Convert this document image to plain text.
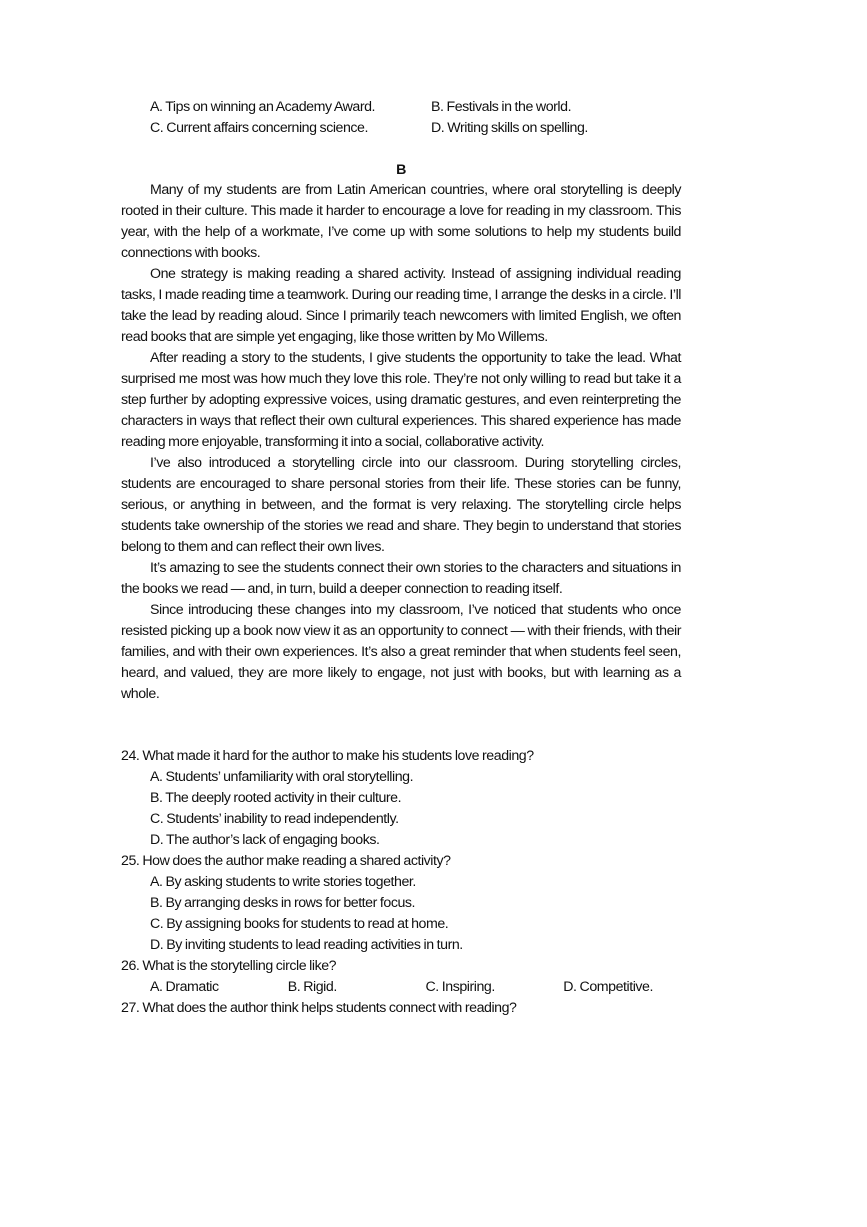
A. Tips on winning an Academy Award.	B. Festivals in the world.
C. Current affairs concerning science.	D. Writing skills on spelling.
B

Many of my students are from Latin American countries, where oral storytelling is deeply rooted in their culture. This made it harder to encourage a love for reading in my classroom. This year, with the help of a workmate, I’ve come up with some solutions to help my students build connections with books.

One strategy is making reading a shared activity. Instead of assigning individual reading tasks, I made reading time a teamwork. During our reading time, I arrange the desks in a circle. I’ll take the lead by reading aloud. Since I primarily teach newcomers with limited English, we often read books that are simple yet engaging, like those written by Mo Willems.

After reading a story to the students, I give students the opportunity to take the lead. What surprised me most was how much they love this role. They’re not only willing to read but take it a step further by adopting expressive voices, using dramatic gestures, and even reinterpreting the characters in ways that reflect their own cultural experiences. This shared experience has made reading more enjoyable, transforming it into a social, collaborative activity.

I’ve also introduced a storytelling circle into our classroom. During storytelling circles, students are encouraged to share personal stories from their life. These stories can be funny, serious, or anything in between, and the format is very relaxing. The storytelling circle helps students take ownership of the stories we read and share. They begin to understand that stories belong to them and can reflect their own lives.

It’s amazing to see the students connect their own stories to the characters and situations in the books we read — and, in turn, build a deeper connection to reading itself.

Since introducing these changes into my classroom, I’ve noticed that students who once resisted picking up a book now view it as an opportunity to connect — with their friends, with their families, and with their own experiences. It’s also a great reminder that when students feel seen, heard, and valued, they are more likely to engage, not just with books, but with learning as a whole.

24. What made it hard for the author to make his students love reading?

A. Students’ unfamiliarity with oral storytelling.

B. The deeply rooted activity in their culture.

C. Students’ inability to read independently.

D. The author’s lack of engaging books.

25. How does the author make reading a shared activity?

A. By asking students to write stories together.

B. By arranging desks in rows for better focus.

C. By assigning books for students to read at home.

D. By inviting students to lead reading activities in turn.

26. What is the storytelling circle like?

A. Dramatic	B. Rigid.	C. Inspiring.	D. Competitive.

27. What does the author think helps students connect with reading?
